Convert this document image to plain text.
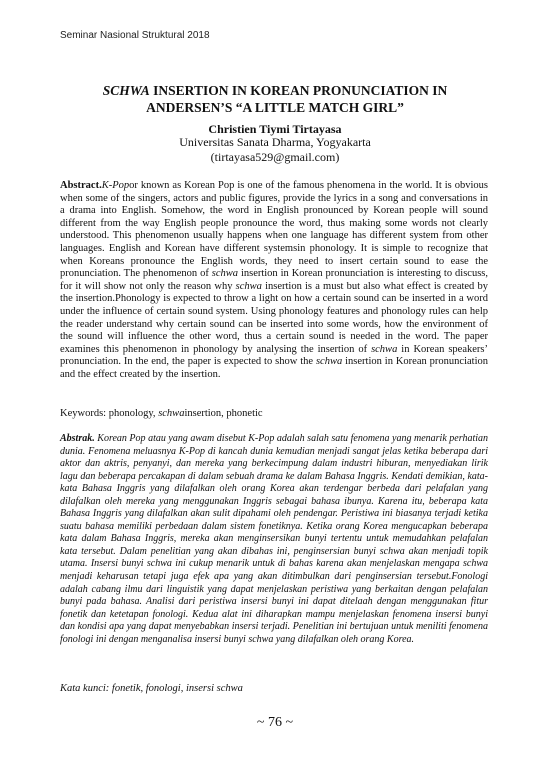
Seminar Nasional Struktural 2018
SCHWA INSERTION IN KOREAN PRONUNCIATION IN
ANDERSEN’S “A LITTLE MATCH GIRL”
Christien Tiymi Tirtayasa
Universitas Sanata Dharma, Yogyakarta
(tirtayasa529@gmail.com)
Abstract.K-Popor known as Korean Pop is one of the famous phenomena in the world. It is obvious when some of the singers, actors and public figures, provide the lyrics in a song and conversations in a drama into English. Somehow, the word in English pronounced by Korean people will sound different from the way English people pronounce the word, thus making some words not clearly understood. This phenomenon usually happens when one language has different system from other languages. English and Korean have different systemsin phonology. It is simple to recognize that when Koreans pronounce the English words, they need to insert certain sound to ease the pronunciation. The phenomenon of schwa insertion in Korean pronunciation is interesting to discuss, for it will show not only the reason why schwa insertion is a must but also what effect is created by the insertion.Phonology is expected to throw a light on how a certain sound can be inserted in a word under the influence of certain sound system. Using phonology features and phonology rules can help the reader understand why certain sound can be inserted into some words, how the environment of the sound will influence the other word, thus a certain sound is needed in the word. The paper examines this phenomenon in phonology by analysing the insertion of schwa in Korean speakers’ pronunciation. In the end, the paper is expected to show the schwa insertion in Korean pronunciation and the effect created by the insertion.
Keywords: phonology, schwainsertion, phonetic
Abstrak. Korean Pop atau yang awam disebut K-Pop adalah salah satu fenomena yang menarik perhatian dunia. Fenomena meluasnya K-Pop di kancah dunia kemudian menjadi sangat jelas ketika beberapa dari aktor dan aktris, penyanyi, dan mereka yang berkecimpung dalam industri hiburan, menyediakan lirik lagu dan beberapa percakapan di dalam sebuah drama ke dalam Bahasa Inggris. Kendati demikian, kata-kata Bahasa Inggris yang dilafalkan oleh orang Korea akan terdengar berbeda dari pelafalan yang dilafalkan oleh mereka yang menggunakan Inggris sebagai bahasa ibunya. Karena itu, beberapa kata Bahasa Inggris yang dilafalkan akan sulit dipahami oleh pendengar. Peristiwa ini biasanya terjadi ketika suatu bahasa memiliki perbedaan dalam sistem fonetiknya. Ketika orang Korea mengucapkan beberapa kata dalam Bahasa Inggris, mereka akan menginsersikan bunyi tertentu untuk memudahkan pelafalan kata tersebut. Dalam penelitian yang akan dibahas ini, penginsersian bunyi schwa akan menjadi topik utama. Insersi bunyi schwa ini cukup menarik untuk di bahas karena akan menjelaskan mengapa schwa menjadi keharusan tetapi juga efek apa yang akan ditimbulkan dari penginsersian tersebut.Fonologi adalah cabang ilmu dari linguistik yang dapat menjelaskan peristiwa yang berkaitan dengan pelafalan bunyi pada bahasa. Analisi dari peristiwa insersi bunyi ini dapat ditelaah dengan menggunakan fitur fonetik dan ketetapan fonologi. Kedua alat ini diharapkan mampu menjelaskan fenomena insersi bunyi dan kondisi apa yang dapat menyebabkan insersi terjadi. Penelitian ini bertujuan untuk meniliti fenomena fonologi ini dengan menganalisa insersi bunyi schwa yang dilafalkan oleh orang Korea.
Kata kunci: fonetik, fonologi, insersi schwa
~ 76 ~
